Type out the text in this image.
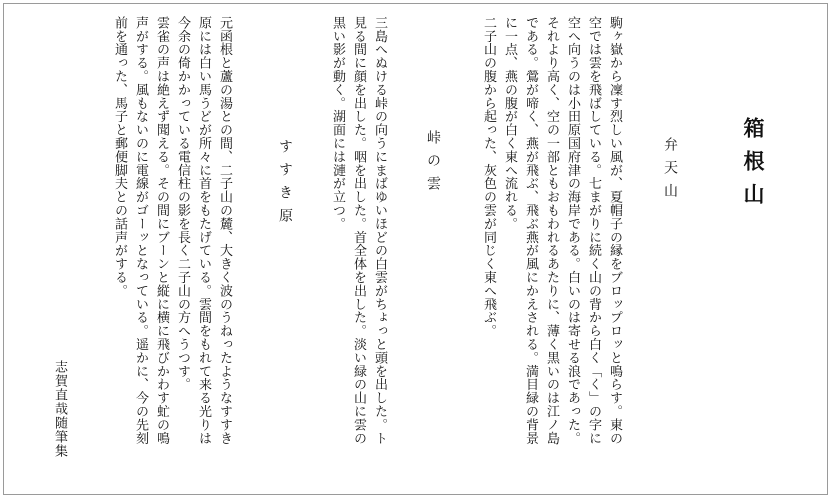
箱根山
弁天山
駒ヶ嶽から凜す烈しい風が、夏帽子の縁をブロップロッと鳴らす。東の
空では雲を飛ばしている。七まがりに続く山の背から白く「く」の字に
空へ向うのは小田原国府津の海岸である。白いのは寄せる浪であった。
それより高く、空の一部ともおもわれるあたりに、薄く黒いのは江ノ島
である。鶯が啼く、燕が飛ぶ、飛ぶ燕が風にかえされる。満目緑の背景
に一点、燕の腹が白く東へ流れる。
二子山の腹から起った、灰色の雲が同じく東へ飛ぶ。
峠の雲
三島へぬける峠の向うにまばゆいほどの白雲がちょっと頭を出した。ト
見る間に顔を出した。咽を出した。首全体を出した。淡い緑の山に雲の
黒い影が動く。湖面には漣が立つ。
すすき原
元函根と蘆の湯との間、二子山の麓、大きく波のうねったようなすすき
原には白い馬うどが所々に首をもたげている。雲間をもれて来る光りは
今余の倚かかっている電信柱の影を長く二子山の方へうつす。
雲雀の声は絶えず聞える。その間にブーンと縦に横に飛びかわす虻の鳴
声がする。風もないのに電線がゴーッとなっている。遥かに、今の先刻
前を通った、馬子と郵便脚夫との話声がする。
志賀直哉随筆集
